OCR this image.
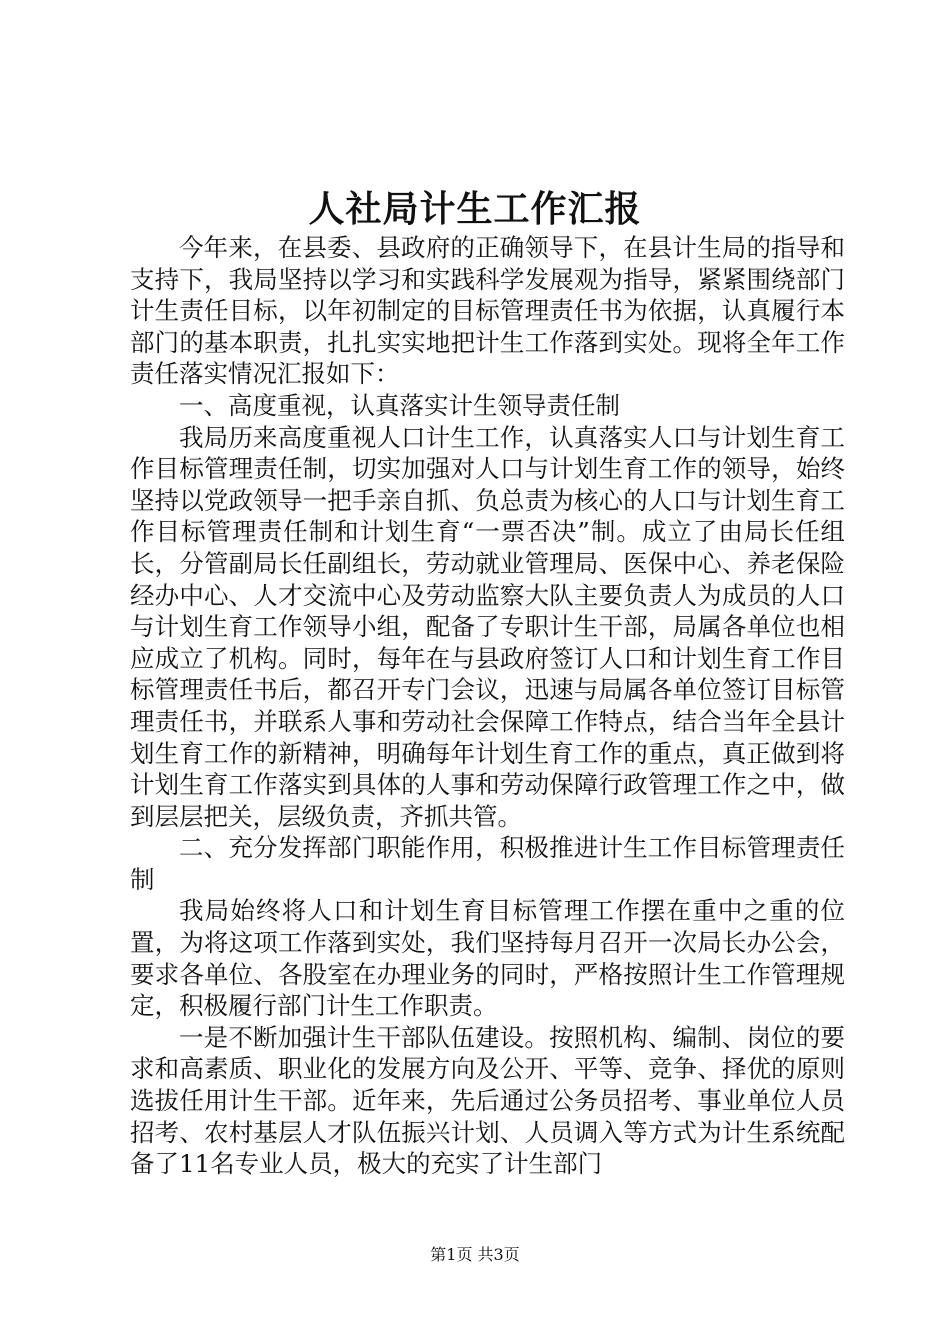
人社局计生工作汇报

今年来，在县委、县政府的正确领导下，在县计生局的指导和支持下，我局坚持以学习和实践科学发展观为指导，紧紧围绕部门计生责任目标，以年初制定的目标管理责任书为依据，认真履行本部门的基本职责，扎扎实实地把计生工作落到实处。现将全年工作责任落实情况汇报如下：

一、高度重视，认真落实计生领导责任制

我局历来高度重视人口计生工作，认真落实人口与计划生育工作目标管理责任制，切实加强对人口与计划生育工作的领导，始终坚持以党政领导一把手亲自抓、负总责为核心的人口与计划生育工作目标管理责任制和计划生育“一票否决”制。成立了由局长任组长，分管副局长任副组长，劳动就业管理局、医保中心、养老保险经办中心、人才交流中心及劳动监察大队主要负责人为成员的人口与计划生育工作领导小组，配备了专职计生干部，局属各单位也相应成立了机构。同时，每年在与县政府签订人口和计划生育工作目标管理责任书后，都召开专门会议，迅速与局属各单位签订目标管理责任书，并联系人事和劳动社会保障工作特点，结合当年全县计划生育工作的新精神，明确每年计划生育工作的重点，真正做到将计划生育工作落实到具体的人事和劳动保障行政管理工作之中，做到层层把关，层级负责，齐抓共管。

二、充分发挥部门职能作用，积极推进计生工作目标管理责任制

我局始终将人口和计划生育目标管理工作摆在重中之重的位置，为将这项工作落到实处，我们坚持每月召开一次局长办公会，要求各单位、各股室在办理业务的同时，严格按照计生工作管理规定，积极履行部门计生工作职责。

一是不断加强计生干部队伍建设。按照机构、编制、岗位的要求和高素质、职业化的发展方向及公开、平等、竞争、择优的原则选拔任用计生干部。近年来，先后通过公务员招考、事业单位人员招考、农村基层人才队伍振兴计划、人员调入等方式为计生系统配备了11名专业人员，极大的充实了计生部门

第1页 共3页
